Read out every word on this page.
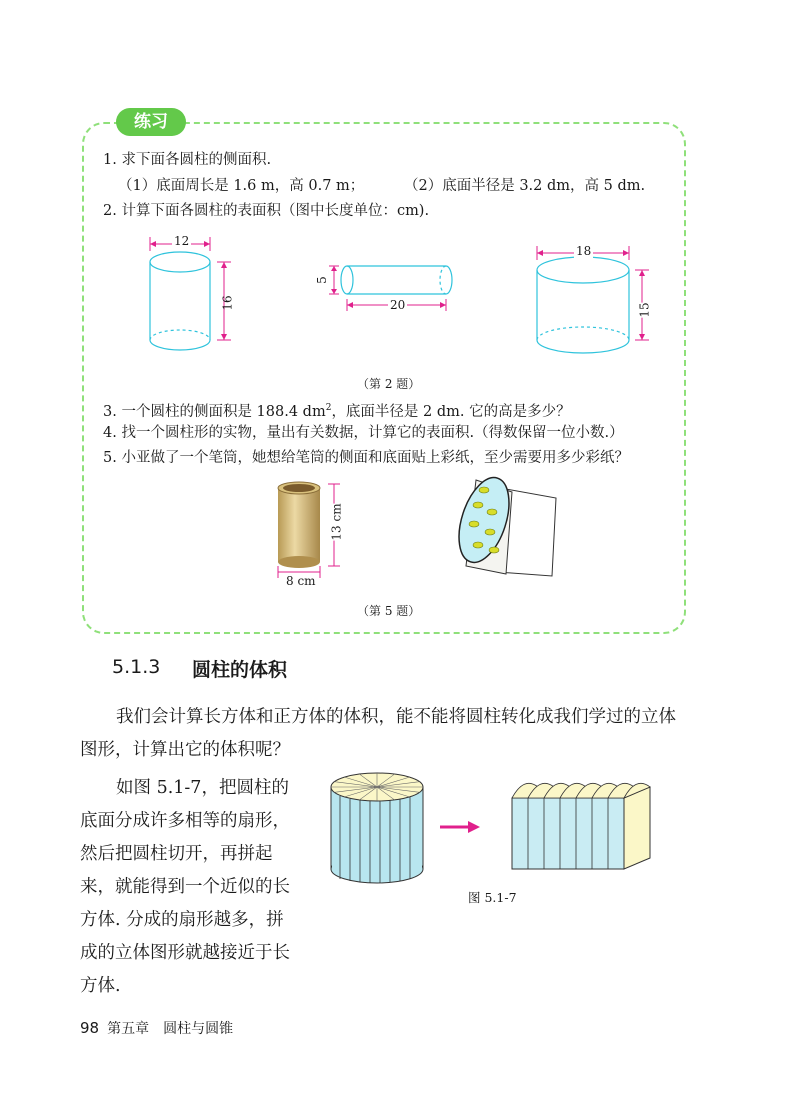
练习
1. 求下面各圆柱的侧面积.
（1）底面周长是 1.6 m，高 0.7 m；	（2）底面半径是 3.2 dm，高 5 dm.
2. 计算下面各圆柱的表面积（图中长度单位：cm).
12
16
5
20
18
15
（第 2 题）
3. 一个圆柱的侧面积是 188.4 $dm^2$，底面半径是 2 dm. 它的高是多少？
4. 找一个圆柱形的实物，量出有关数据，计算它的表面积.（得数保留一位小数.）
5. 小亚做了一个笔筒，她想给笔筒的侧面和底面贴上彩纸，至少需要用多少彩纸？
13 cm
8 cm
（第 5 题）
5.1.3 圆柱的体积
我们会计算长方体和正方体的体积，能不能将圆柱转化成我们学过的立体
图形，计算出它的体积呢？
如图 5.1-7，把圆柱的
底面分成许多相等的扇形，
然后把圆柱切开，再拼起
来，就能得到一个近似的长
方体. 分成的扇形越多，拼
成的立体图形就越接近于长
方体.
图 5.1-7
98 第五章　圆柱与圆锥
